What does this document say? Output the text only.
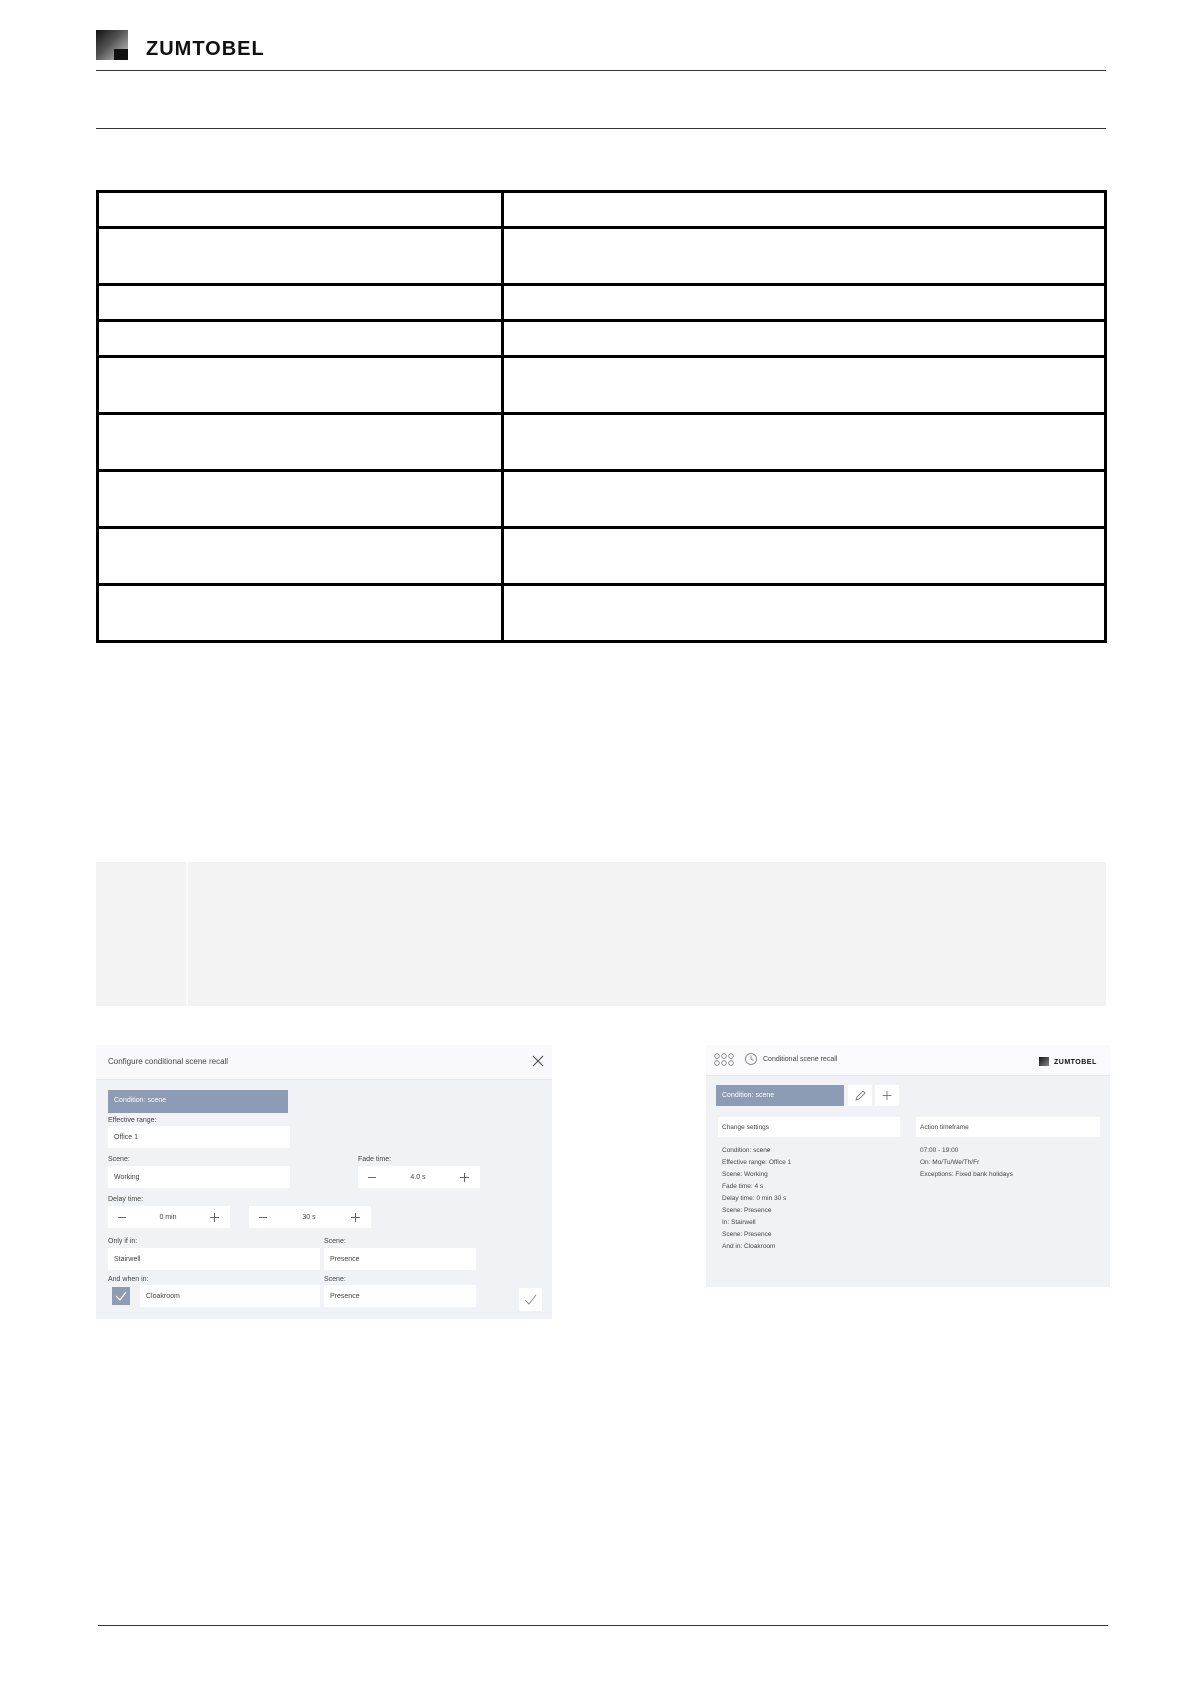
ZUMTOBEL

Configure conditional scene recall
Condition: scene
Effective range:
Office 1
Scene:
Working
Fade time:
4.0 s
Delay time:
0 min	30 s
Only if in:
Stairwell
Scene:
Presence
And when in:
Cloakroom
Scene:
Presence
Conditional scene recall	ZUMTOBEL
Condition: scene
Change settings	Action timeframe
Condition: scene
Effective range: Office 1
Scene: Working
Fade time: 4 s
Delay time: 0 min 30 s
Scene: Presence
In: Stairwell
Scene: Presence
And in: Cloakroom
07:00 - 19:00
On: Mo/Tu/We/Th/Fr
Exceptions: Fixed bank holidays
